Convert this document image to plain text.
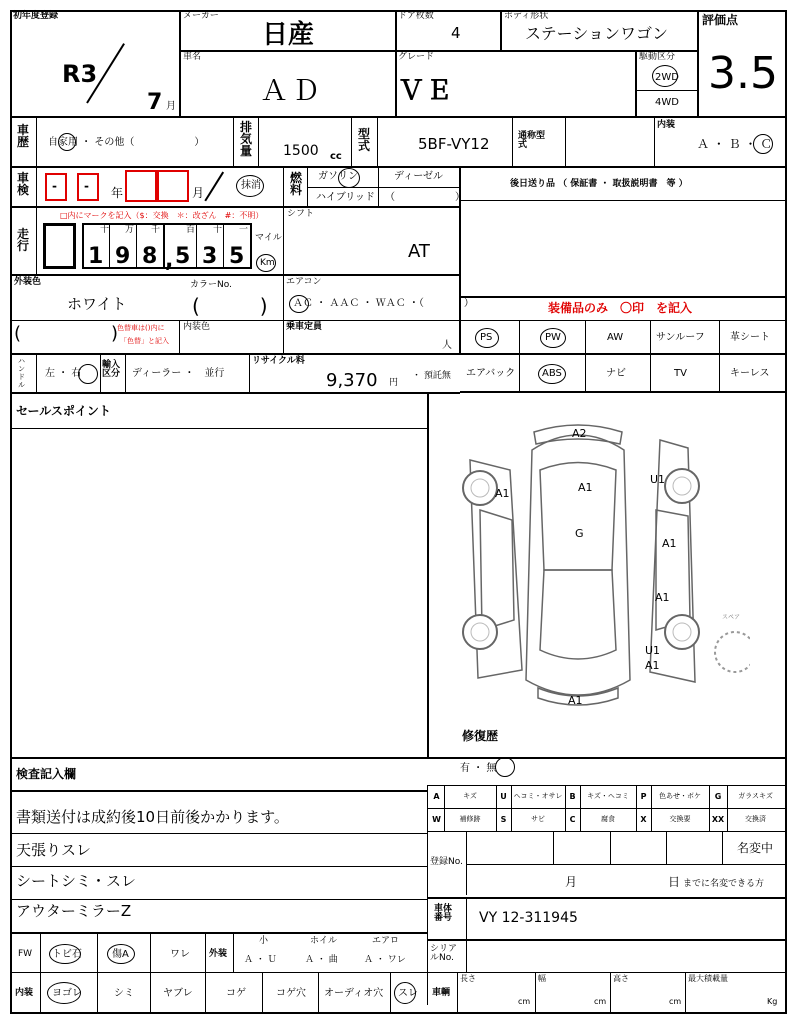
初年度登録
R3
7 月
メーカー
日産
ドア枚数
4
ボディ形状
ステーションワゴン
評価点
3.5
車名
ＡＤ
グレード
ＶＥ
駆動区分
2WD
4WD
車歴 自家用 ・ その他（　　　　　　）
排気量 1500 cc
型式	5BF-VY12	通称型式
内装
Ａ ・ Ｂ ・ Ｃ
車検 - - 年	月
抹消
燃料
ガソリン	ディーゼル
ハイブリッド （　　　　　　）
後日送り品 （ 保証書 ・ 取扱説明書　等 ）
走行
□内にマークを記入（$：交換　＊：改ざん　#：不明）
十 万 千	百 十 一
1 9 8 , 5 3 5
マイル
Km
シフト
AT
外装色
ホワイト
カラーNo.
(　　　)
エアコン
ＡＣ ・ ＡＡＣ ・ ＷＡＣ ・（　　　　）	装備品のみ　〇印　を記入
(　　　　　)
色替車は()内に
「色替」と記入
内装色	乗車定員
人
PS	PW	AW	サンルーフ	革シート
エアバック	ABS	ナビ	TV	キーレス
ハンドル
左 ・ 右
輸入区分	ディーラー ・　並行
リサイクル料
9,370 円
・ 預託無
セールスポイント
A2
A1
U1
A1
G
A1
A1
U1
A1
A1
スペア
修復歴
有 ・ 無
検査記入欄
書類送付は成約後10日前後かかります。
天張りスレ
シートシミ・スレ
アウターミラーZ
登録No.
名変中
月	日 までに名変できる方
車体番号	VY 12-311945
シリアルNo.
FW トビ石	傷A	ワレ 外装
小	ホイル	エアロ
Ａ ・ Ｕ	Ａ ・ 曲	Ａ ・ ワレ
内装 ヨゴレ	シミ	ヤブレ	コゲ	コゲ穴 オーディオ穴 スレ 車輌
長さ	幅	高さ	最大積載量
cm	cm	cm	Kg
A	キズ	U ヘコミ・オサレ B	キズ・ヘコミ	P	色あせ・ボケ	G	ガラスキズ
W	補修跡	S	サビ	C	腐食	X	交換要	XX	交換済
